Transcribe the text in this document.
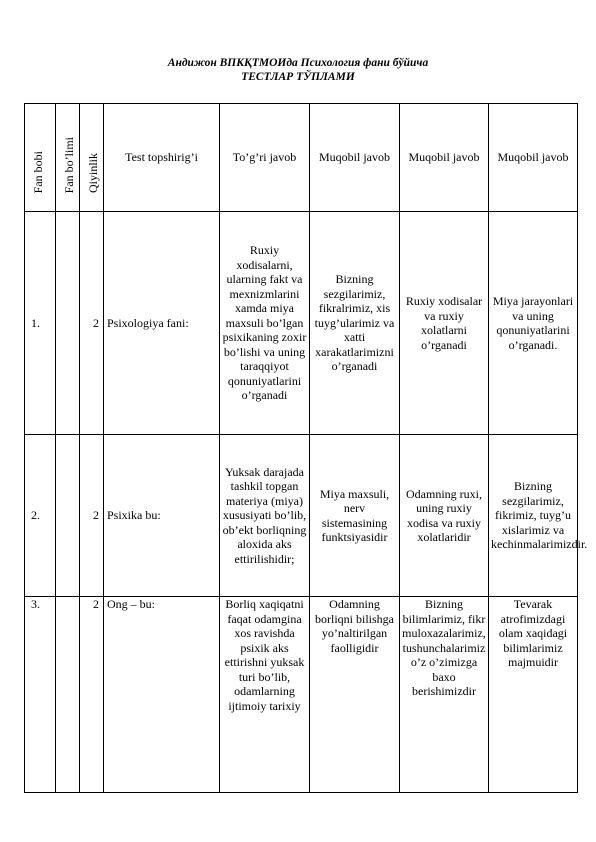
Андижон ВПКҚТМОИда Психология фани бўйича
ТЕСТЛАР ТЎПЛАМИ
Fan bobi	Fan bo’limi	Qiyinlik	Test topshirig’i	To’g’ri javob	Muqobil javob	Muqobil javob	Muqobil javob
1.		2	Psixologiya fani:	Ruxiy xodisalarni, ularning fakt va mexnizmlarini xamda miya maxsuli bo’lgan psixikaning zoxir bo’lishi va uning taraqqiyot qonuniyatlarini o’rganadi	Bizning sezgilarimiz, fikralrimiz, xis tuyg’ularimiz va xatti xarakatlarimizni o’rganadi	Ruxiy xodisalar va ruxiy xolatlarni o’rganadi	Miya jarayonlari va uning qonuniyatlarini o’rganadi.
2.		2	Psixika bu:	Yuksak darajada tashkil topgan materiya (miya) xususiyati bo’lib, ob’ekt borliqning aloxida aks ettirilishidir;	Miya maxsuli, nerv sistemasining funktsiyasidir	Odamning ruxi, uning ruxiy xodisa va ruxiy xolatlaridir	Bizning sezgilarimiz, fikrimiz, tuyg’u xislarimiz va kechinmalarimizdir.
3.		2	Ong – bu:	Borliq xaqiqatni faqat odamgina xos ravishda psixik aks ettirishni yuksak turi bo’lib, odamlarning ijtimoiy tarixiy	Odamning borliqni bilishga yo’naltirilgan faolligidir	Bizning bilimlarimiz, fikr muloxazalarimiz, tushunchalarimiz o’z o’zimizga baxo berishimizdir	Tevarak atrofimizdagi olam xaqidagi bilimlarimiz majmuidir
